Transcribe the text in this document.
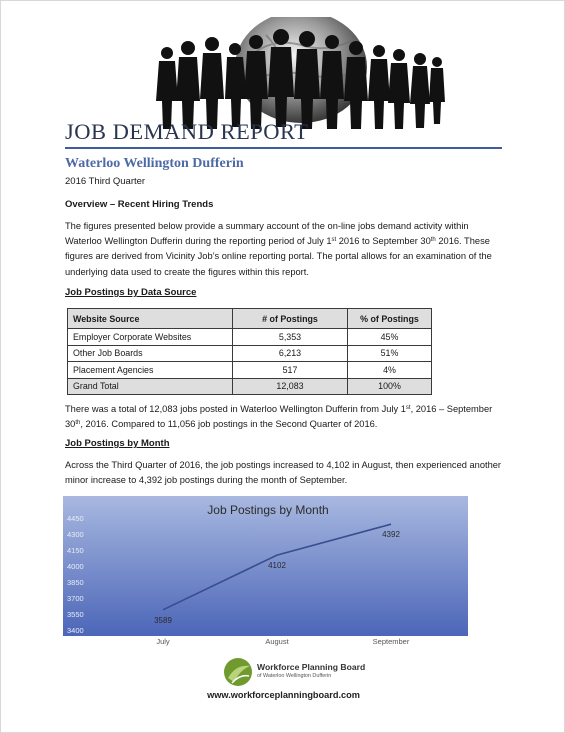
JOB DEMAND REPORT
Waterloo Wellington Dufferin
2016 Third Quarter
Overview – Recent Hiring Trends
The figures presented below provide a summary account of the on-line jobs demand activity within Waterloo Wellington Dufferin during the reporting period of July 1st 2016 to September 30th 2016. These figures are derived from Vicinity Job’s online reporting portal. The portal allows for an examination of the underlying data used to create the figures within this report.
Job Postings by Data Source
Website Source	# of Postings	% of Postings
Employer Corporate Websites	5,353	45%
Other Job Boards	6,213	51%
Placement Agencies	517	4%
Grand Total	12,083	100%
There was a total of 12,083 jobs posted in Waterloo Wellington Dufferin from July 1st, 2016 – September 30th, 2016. Compared to 11,056 job postings in the Second Quarter of 2016.
Job Postings by Month
Across the Third Quarter of 2016, the job postings increased to 4,102 in August, then experienced another minor increase to 4,392 job postings during the month of September.
Job Postings by Month
3400
3550
3700
3850
4000
4150
4300
4450
July	August	September
3589
4102
4392
Workforce Planning Board
of Waterloo Wellington Dufferin
www.workforceplanningboard.com
